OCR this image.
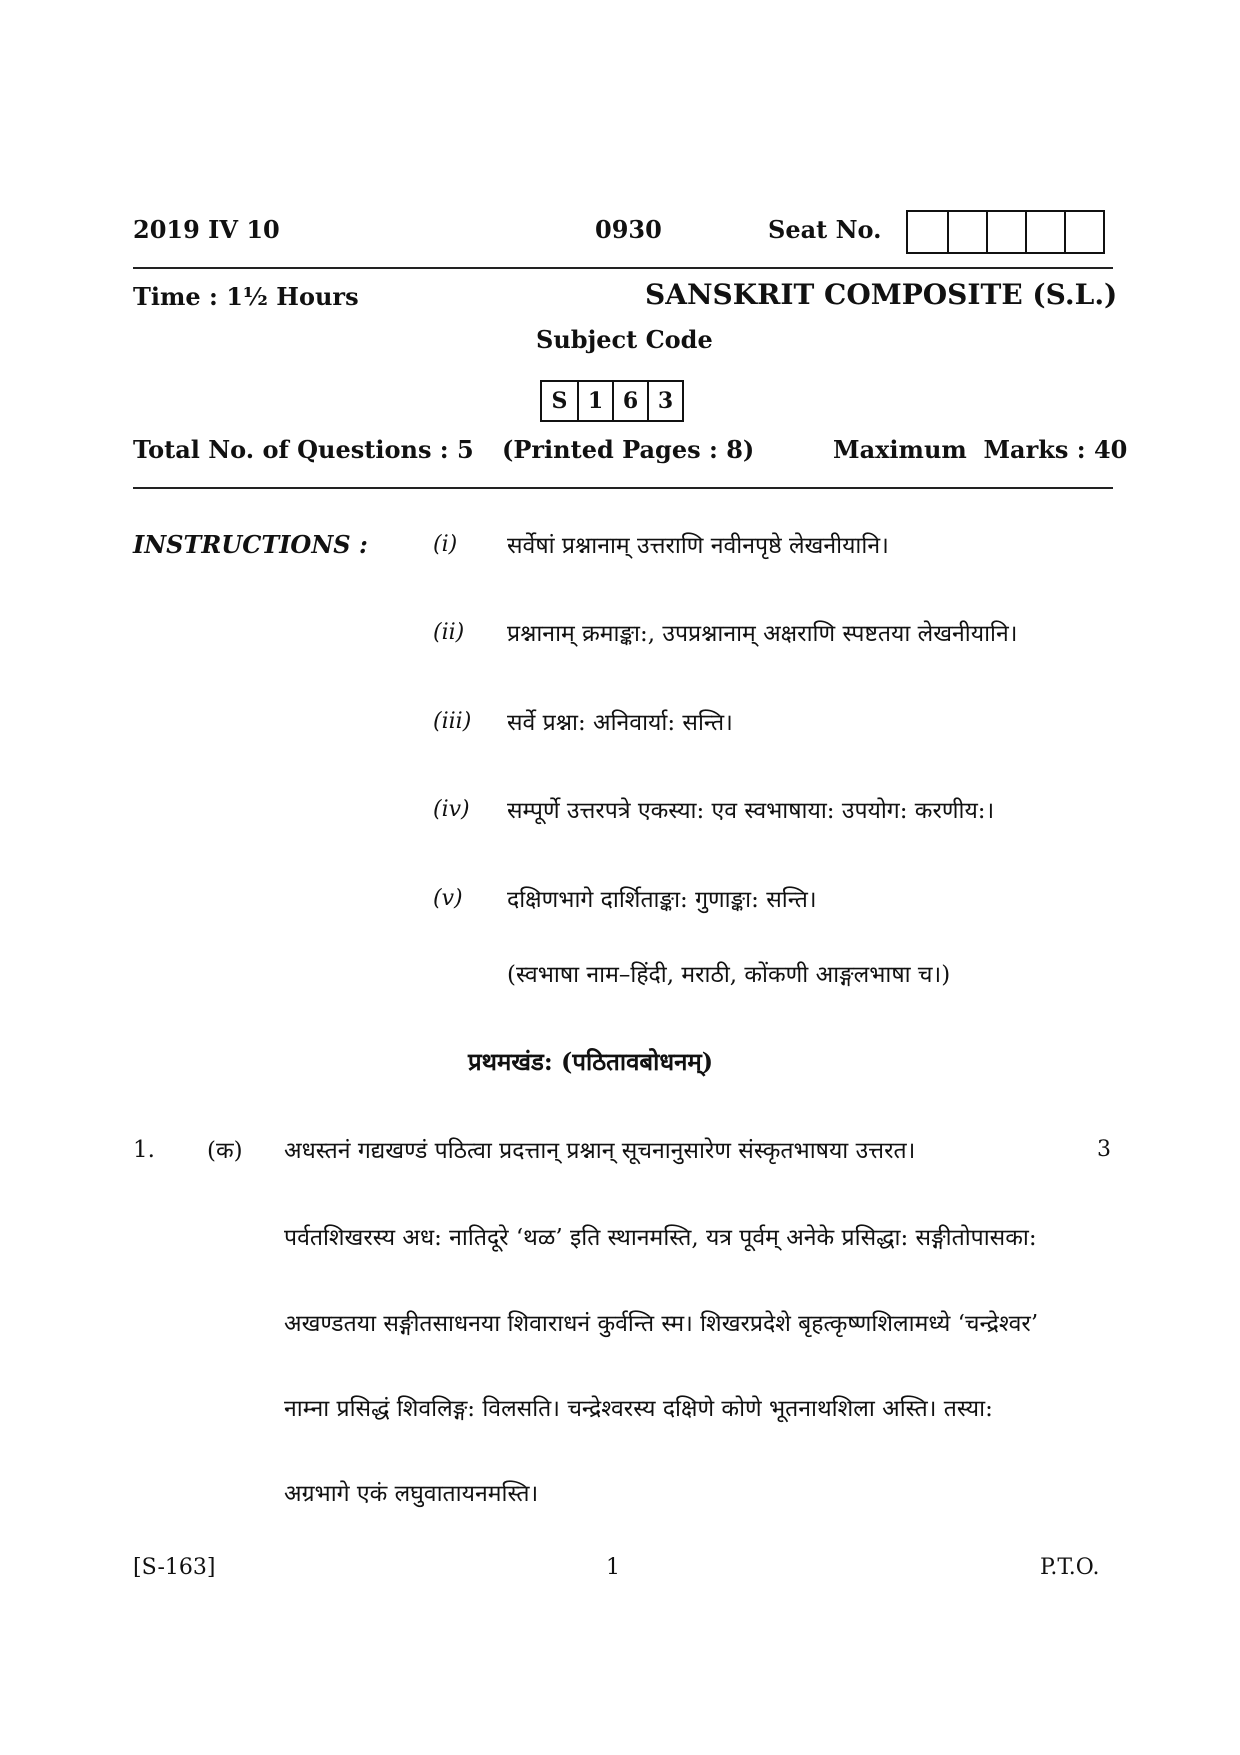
2019 IV 10	0930	Seat No.
Time : 1½ Hours	SANSKRIT COMPOSITE (S.L.)
Subject Code
S 1 6 3
Total No. of Questions : 5 (Printed Pages : 8)	Maximum  Marks : 40
INSTRUCTIONS :	(i) सर्वेषां प्रश्नानाम् उत्तराणि नवीनपृष्ठे लेखनीयानि।
(ii) प्रश्नानाम् क्रमाङ्का:, उपप्रश्नानाम् अक्षराणि स्पष्टतया लेखनीयानि।
(iii) सर्वे प्रश्ना: अनिवार्या: सन्ति।
(iv) सम्पूर्णे उत्तरपत्रे एकस्या: एव स्वभाषाया: उपयोग: करणीय:।
(v) दक्षिणभागे दार्शिताङ्का: गुणाङ्का: सन्ति।
(स्वभाषा नाम–हिंदी, मराठी, कोंकणी आङ्गलभाषा च।)
प्रथमखंड: (पठितावबोधनम्)
1. (क) अधस्तनं गद्यखण्डं पठित्वा प्रदत्तान् प्रश्नान् सूचनानुसारेण संस्कृतभाषया उत्तरत।	3
पर्वतशिखरस्य अध: नातिदूरे ‘थळ’ इति स्थानमस्ति, यत्र पूर्वम् अनेके प्रसिद्धा: सङ्गीतोपासका:
अखण्डतया सङ्गीतसाधनया शिवाराधनं कुर्वन्ति स्म। शिखरप्रदेशे बृहत्कृष्णशिलामध्ये ‘चन्द्रेश्वर’
नाम्ना प्रसिद्धं शिवलिङ्ग: विलसति। चन्द्रेश्वरस्य दक्षिणे कोणे भूतनाथशिला अस्ति। तस्या:
अग्रभागे एकं लघुवातायनमस्ति।
[S-163]	1	P.T.O.
